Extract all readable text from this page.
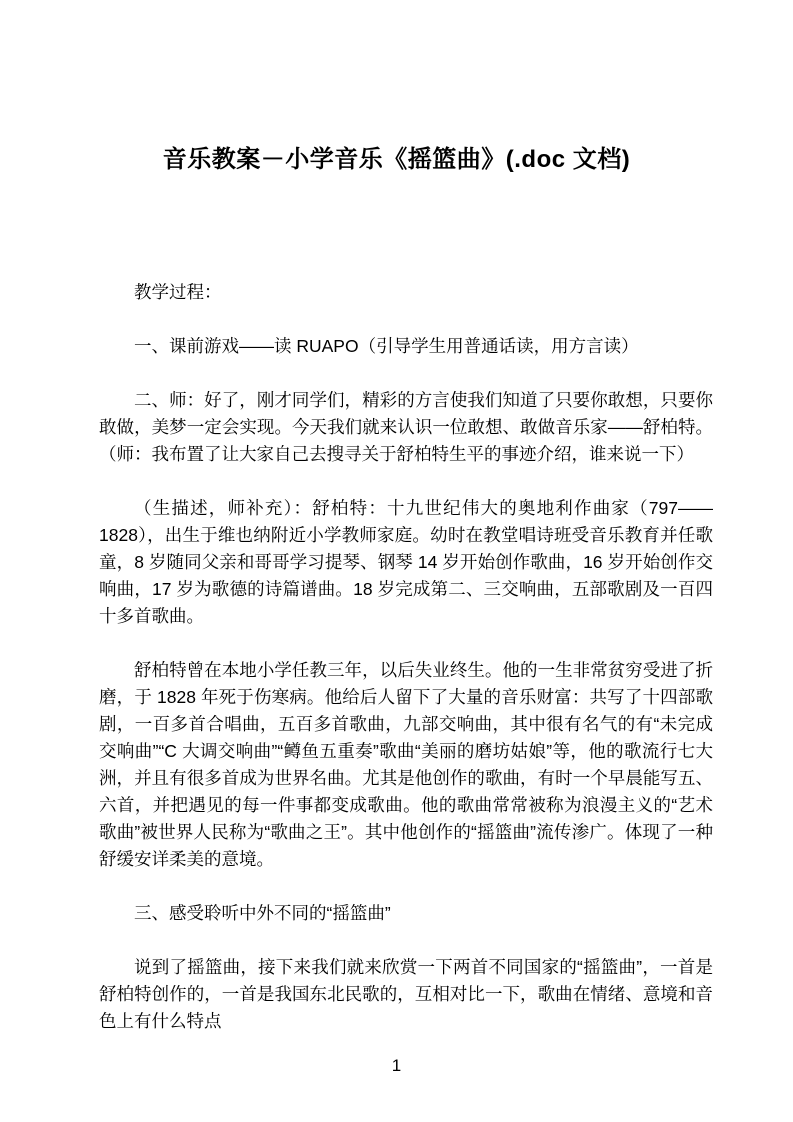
音乐教案－小学音乐《摇篮曲》(.doc 文档)

教学过程：

一、课前游戏——读 RUAPO（引导学生用普通话读，用方言读）

二、师：好了，刚才同学们，精彩的方言使我们知道了只要你敢想，只要你敢做，美梦一定会实现。今天我们就来认识一位敢想、敢做音乐家——舒柏特。（师：我布置了让大家自己去搜寻关于舒柏特生平的事迹介绍，谁来说一下）

（生描述，师补充）：舒柏特：十九世纪伟大的奥地利作曲家（797——1828），出生于维也纳附近小学教师家庭。幼时在教堂唱诗班受音乐教育并任歌童，8 岁随同父亲和哥哥学习提琴、钢琴 14 岁开始创作歌曲，16 岁开始创作交响曲，17 岁为歌德的诗篇谱曲。18 岁完成第二、三交响曲，五部歌剧及一百四十多首歌曲。

舒柏特曾在本地小学任教三年，以后失业终生。他的一生非常贫穷受进了折磨，于 1828 年死于伤寒病。他给后人留下了大量的音乐财富：共写了十四部歌剧，一百多首合唱曲，五百多首歌曲，九部交响曲，其中很有名气的有“未完成交响曲”“C 大调交响曲”“鳟鱼五重奏”歌曲“美丽的磨坊姑娘”等，他的歌流行七大洲，并且有很多首成为世界名曲。尤其是他创作的歌曲，有时一个早晨能写五、六首，并把遇见的每一件事都变成歌曲。他的歌曲常常被称为浪漫主义的“艺术歌曲”被世界人民称为“歌曲之王”。其中他创作的“摇篮曲”流传渗广。体现了一种舒缓安详柔美的意境。

三、感受聆听中外不同的“摇篮曲”

说到了摇篮曲，接下来我们就来欣赏一下两首不同国家的“摇篮曲”，一首是舒柏特创作的，一首是我国东北民歌的，互相对比一下，歌曲在情绪、意境和音色上有什么特点

1
